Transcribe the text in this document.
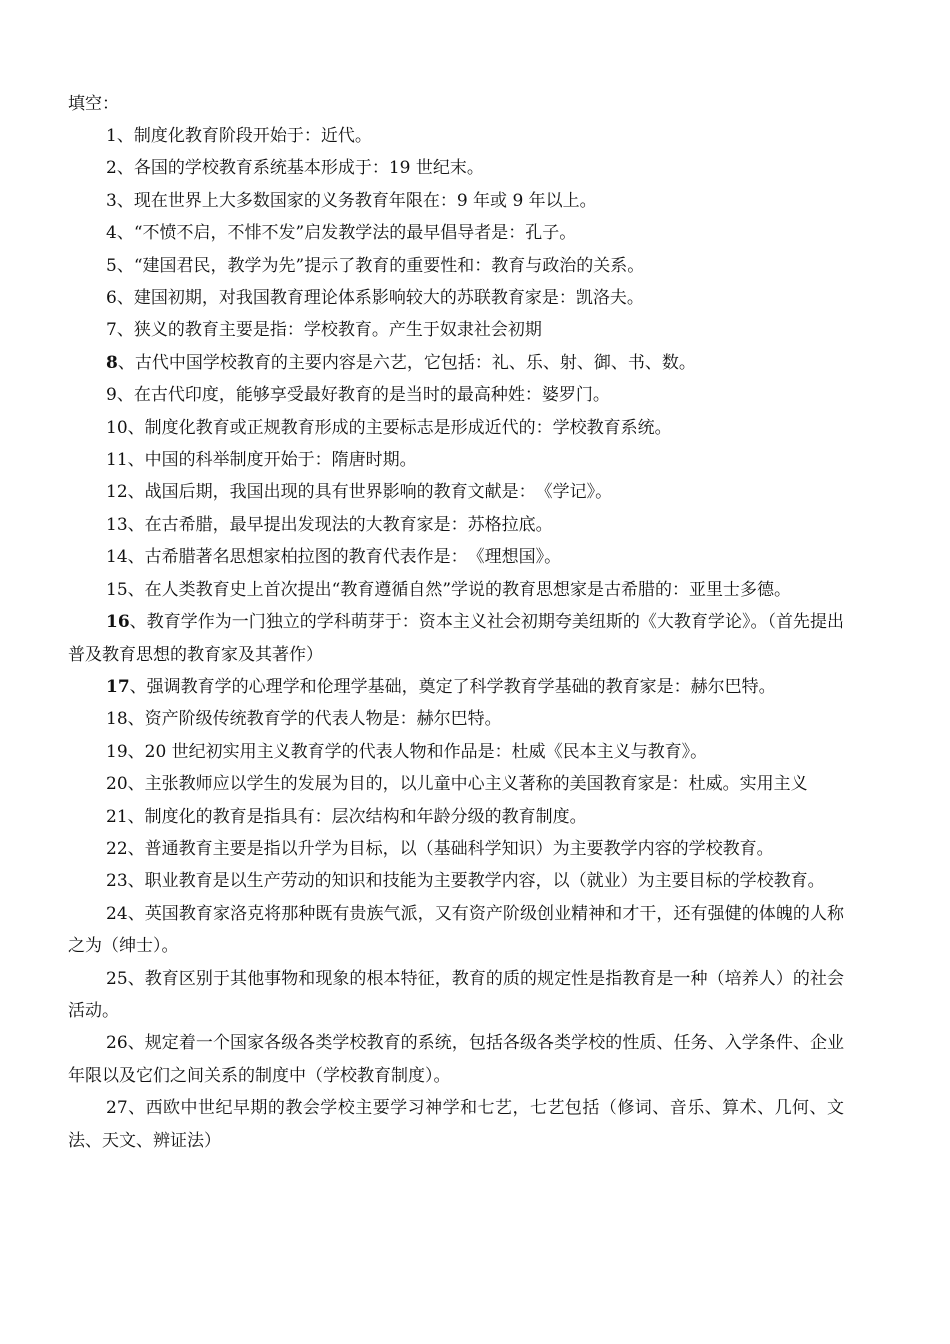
填空：

1、制度化教育阶段开始于：近代。

2、各国的学校教育系统基本形成于：19 世纪末。

3、现在世界上大多数国家的义务教育年限在：9 年或 9 年以上。

4、“不愤不启，不悱不发”启发教学法的最早倡导者是：孔子。

5、“建国君民，教学为先”提示了教育的重要性和：教育与政治的关系。

6、建国初期，对我国教育理论体系影响较大的苏联教育家是：凯洛夫。

7、狭义的教育主要是指：学校教育。产生于奴隶社会初期

8、古代中国学校教育的主要内容是六艺，它包括：礼、乐、射、御、书、数。

9、在古代印度，能够享受最好教育的是当时的最高种姓：婆罗门。

10、制度化教育或正规教育形成的主要标志是形成近代的：学校教育系统。

11、中国的科举制度开始于：隋唐时期。

12、战国后期，我国出现的具有世界影响的教育文献是：　《学记》。

13、在古希腊，最早提出发现法的大教育家是：苏格拉底。

14、古希腊著名思想家柏拉图的教育代表作是：　《理想国》。

15、在人类教育史上首次提出“教育遵循自然”学说的教育思想家是古希腊的：亚里士多德。

16、教育学作为一门独立的学科萌芽于：资本主义社会初期夸美纽斯的《大教育学论》。（首先提出普及教育思想的教育家及其著作）

17、强调教育学的心理学和伦理学基础，奠定了科学教育学基础的教育家是：赫尔巴特。

18、资产阶级传统教育学的代表人物是：赫尔巴特。

19、20 世纪初实用主义教育学的代表人物和作品是：杜威《民本主义与教育》。

20、主张教师应以学生的发展为目的，以儿童中心主义著称的美国教育家是：杜威。实用主义

21、制度化的教育是指具有：层次结构和年龄分级的教育制度。

22、普通教育主要是指以升学为目标，以（基础科学知识）为主要教学内容的学校教育。

23、职业教育是以生产劳动的知识和技能为主要教学内容，以（就业）为主要目标的学校教育。

24、英国教育家洛克将那种既有贵族气派，又有资产阶级创业精神和才干，还有强健的体魄的人称之为（绅士）。

25、教育区别于其他事物和现象的根本特征，教育的质的规定性是指教育是一种（培养人）的社会活动。

26、规定着一个国家各级各类学校教育的系统，包括各级各类学校的性质、任务、入学条件、企业年限以及它们之间关系的制度中（学校教育制度）。

27、西欧中世纪早期的教会学校主要学习神学和七艺，七艺包括（修词、音乐、算术、几何、文法、天文、辨证法）
